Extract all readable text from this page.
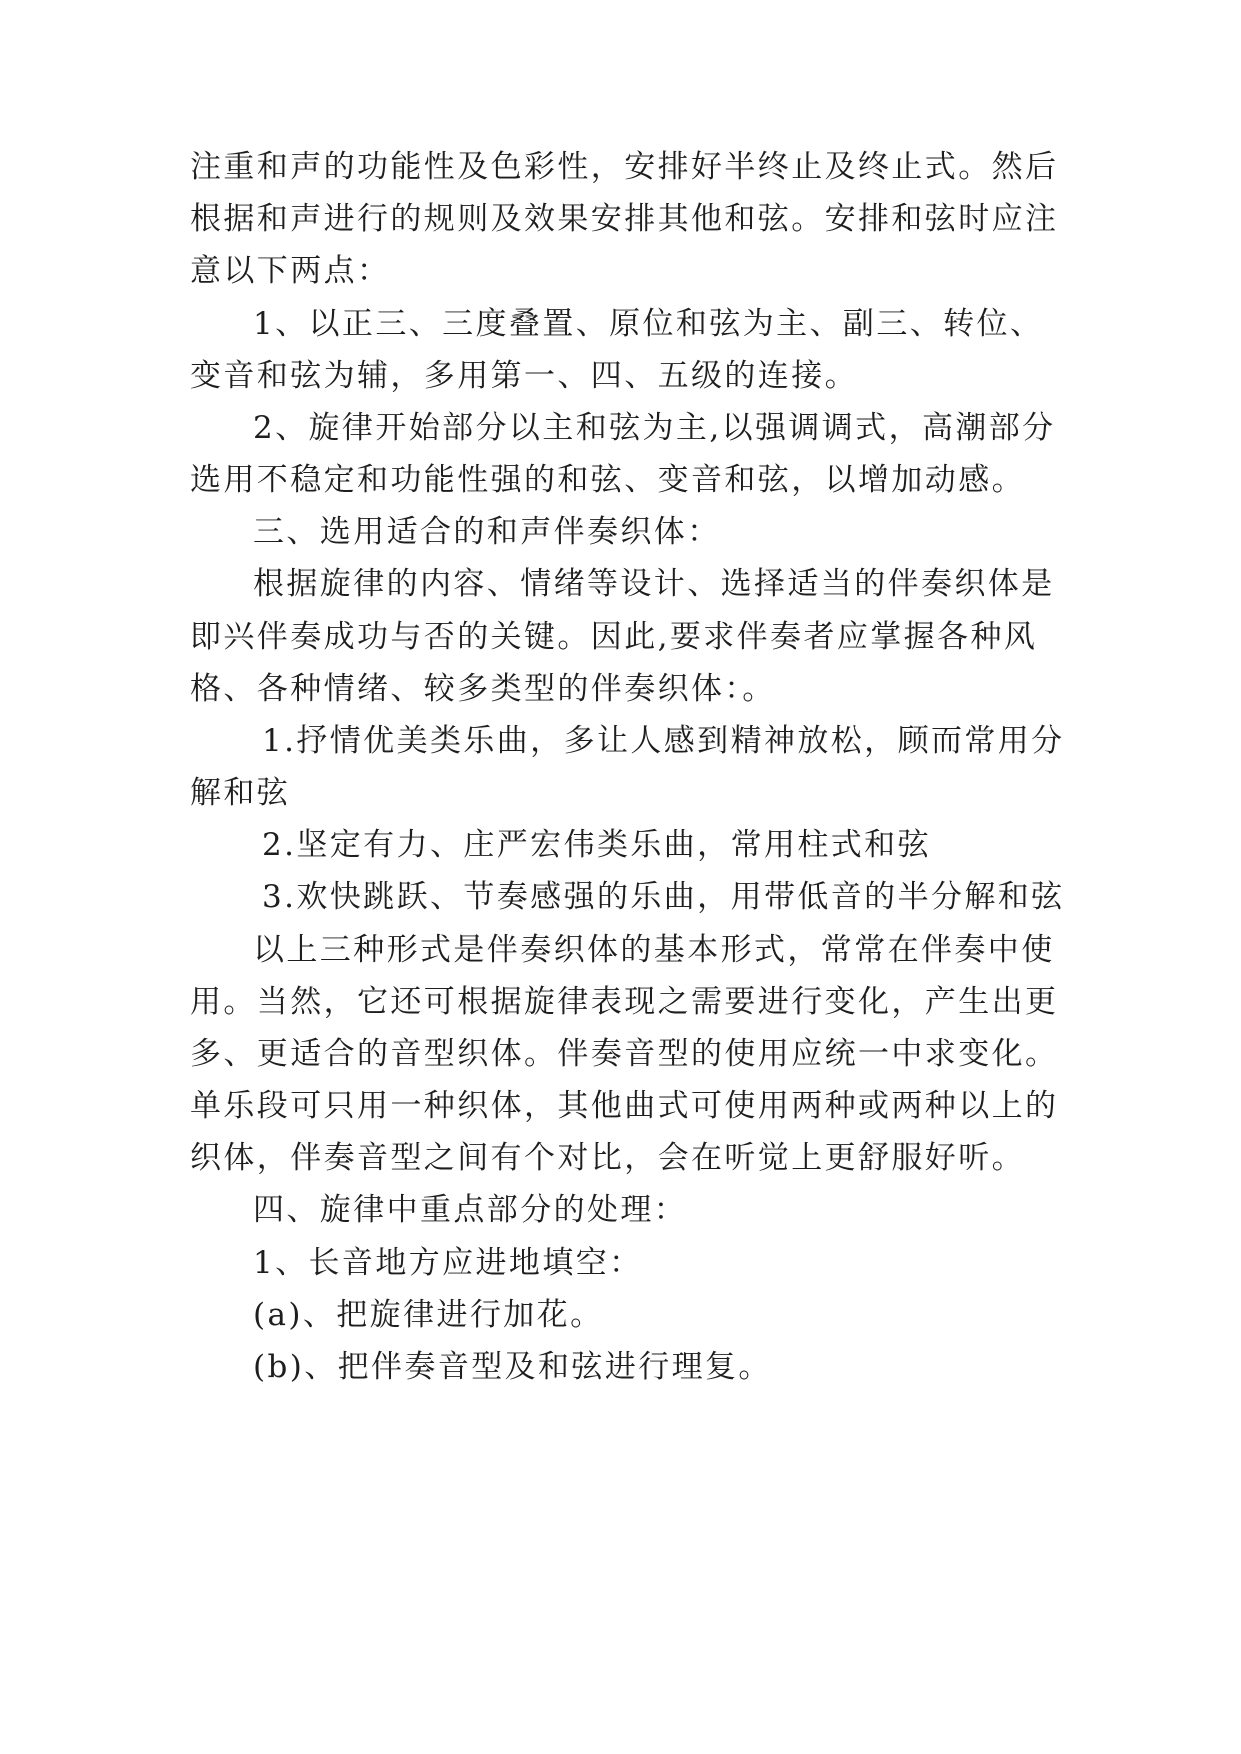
注重和声的功能性及色彩性，安排好半终止及终止式。然后
根据和声进行的规则及效果安排其他和弦。安排和弦时应注
意以下两点：
1、以正三、三度叠置、原位和弦为主、副三、转位、
变音和弦为辅，多用第一、四、五级的连接。
2、旋律开始部分以主和弦为主,以强调调式，高潮部分
选用不稳定和功能性强的和弦、变音和弦，以增加动感。
三、选用适合的和声伴奏织体：
根据旋律的内容、情绪等设计、选择适当的伴奏织体是
即兴伴奏成功与否的关键。因此,要求伴奏者应掌握各种风
格、各种情绪、较多类型的伴奏织体：。
1.抒情优美类乐曲，多让人感到精神放松，顾而常用分
解和弦
2.坚定有力、庄严宏伟类乐曲，常用柱式和弦
3.欢快跳跃、节奏感强的乐曲，用带低音的半分解和弦
以上三种形式是伴奏织体的基本形式，常常在伴奏中使
用。当然，它还可根据旋律表现之需要进行变化，产生出更
多、更适合的音型织体。伴奏音型的使用应统一中求变化。
单乐段可只用一种织体，其他曲式可使用两种或两种以上的
织体，伴奏音型之间有个对比，会在听觉上更舒服好听。
四、旋律中重点部分的处理：
1、长音地方应进地填空：
(a)、把旋律进行加花。
(b)、把伴奏音型及和弦进行理复。
